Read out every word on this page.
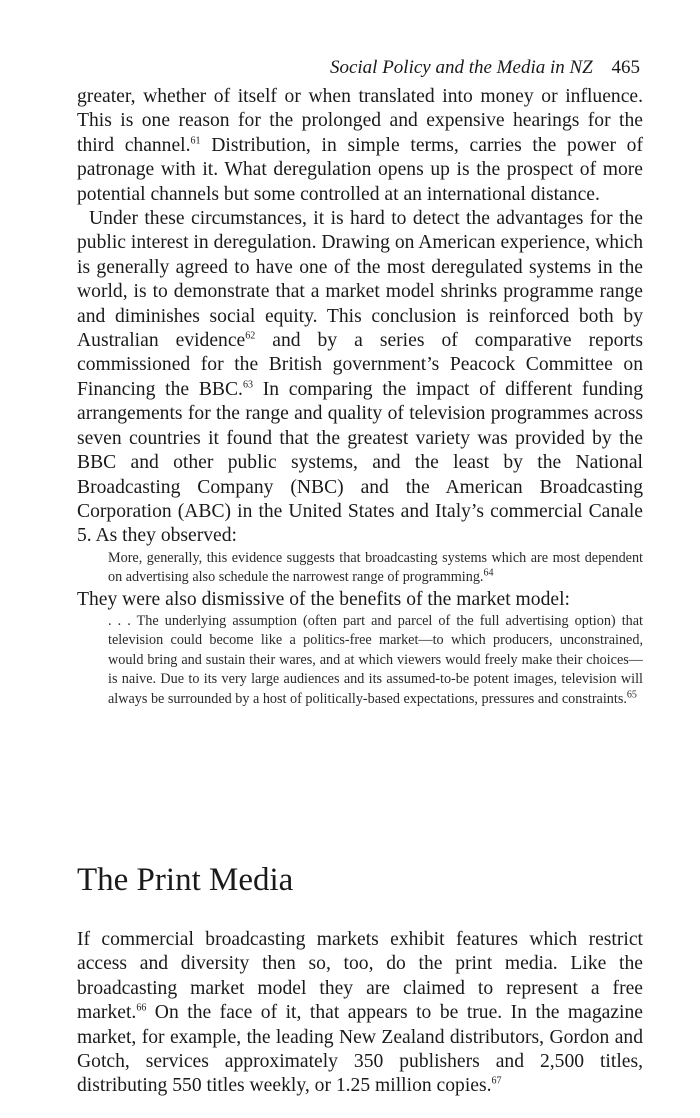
Social Policy and the Media in NZ 465

greater, whether of itself or when translated into money or influence. This is one reason for the prolonged and expensive hearings for the third channel.$^{61}$ Distribution, in simple terms, carries the power of patronage with it. What deregulation opens up is the prospect of more potential channels but some controlled at an international distance.

Under these circumstances, it is hard to detect the advantages for the public interest in deregulation. Drawing on American experience, which is generally agreed to have one of the most deregulated systems in the world, is to demonstrate that a market model shrinks programme range and diminishes social equity. This conclusion is reinforced both by Australian evidence$^{62}$ and by a series of comparative reports commissioned for the British government’s Peacock Committee on Financing the BBC.$^{63}$ In comparing the impact of different funding arrangements for the range and quality of television programmes across seven countries it found that the greatest variety was provided by the BBC and other public systems, and the least by the National Broadcasting Company (NBC) and the American Broadcasting Corporation (ABC) in the United States and Italy’s commercial Canale 5. As they observed:

More, generally, this evidence suggests that broadcasting systems which are most dependent on advertising also schedule the narrowest range of programming.$^{64}$

They were also dismissive of the benefits of the market model:

. . . The underlying assumption (often part and parcel of the full advertising option) that television could become like a politics-free market—to which producers, unconstrained, would bring and sustain their wares, and at which viewers would freely make their choices—is naive. Due to its very large audiences and its assumed-to-be potent images, television will always be surrounded by a host of politically-based expectations, pressures and constraints.$^{65}$

The Print Media

If commercial broadcasting markets exhibit features which restrict access and diversity then so, too, do the print media. Like the broadcasting market model they are claimed to represent a free market.$^{66}$ On the face of it, that appears to be true. In the magazine market, for example, the leading New Zealand distributors, Gordon and Gotch, services approximately 350 publishers and 2,500 titles, distributing 550 titles weekly, or 1.25 million copies.$^{67}$
